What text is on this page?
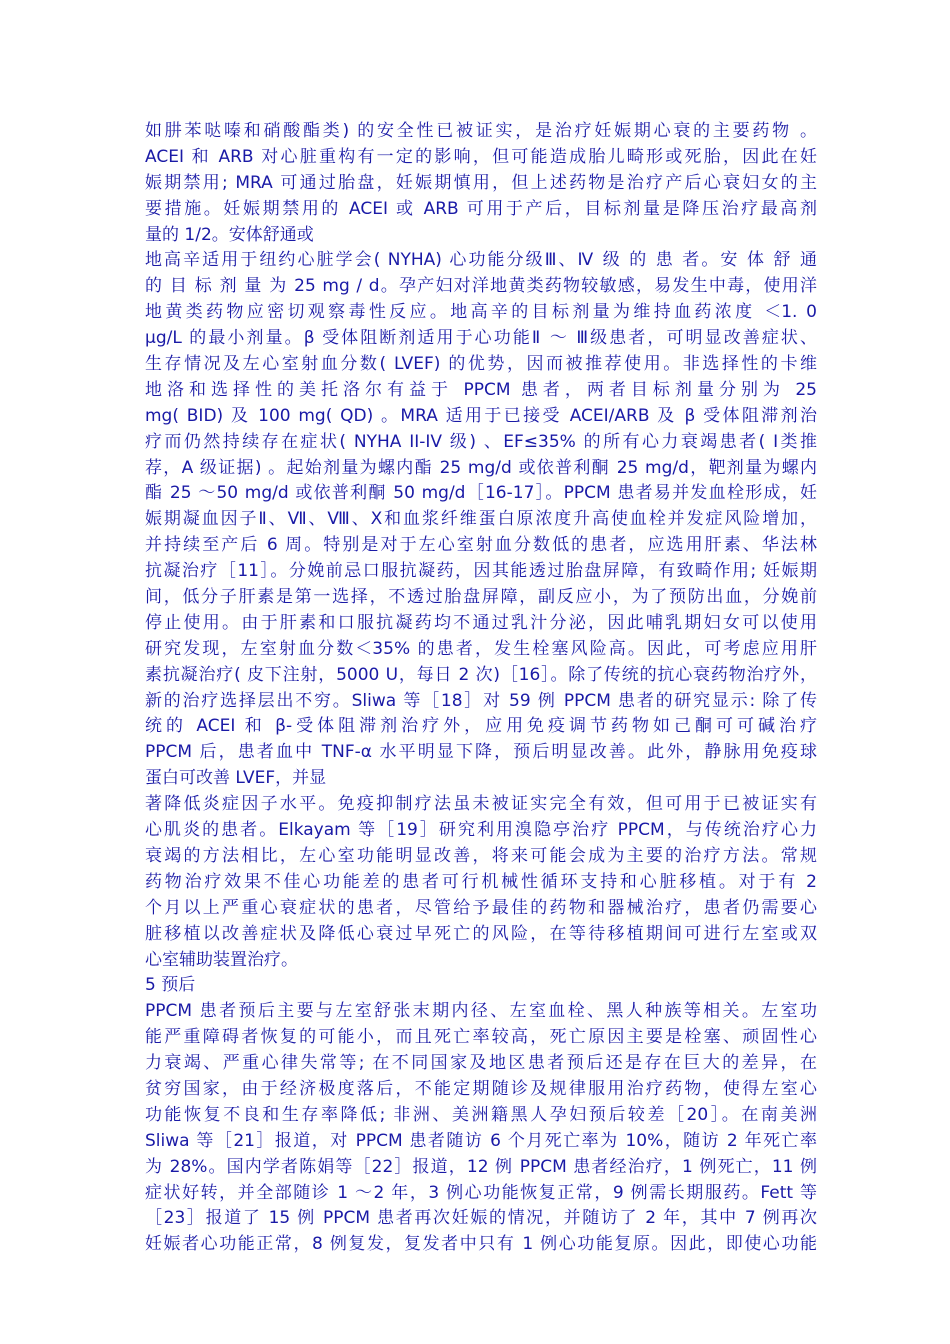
如肼苯哒嗪和硝酸酯类) 的安全性已被证实，是治疗妊娠期心衰的主要药物 。
ACEI 和 ARB 对心脏重构有一定的影响，但可能造成胎儿畸形或死胎，因此在妊
娠期禁用; MRA 可通过胎盘，妊娠期慎用，但上述药物是治疗产后心衰妇女的主
要措施。妊娠期禁用的 ACEI 或 ARB 可用于产后，目标剂量是降压治疗最高剂
量的 1/2。安体舒通或
地高辛适用于纽约心脏学会( NYHA) 心功能分级Ⅲ、Ⅳ 级 的 患 者。安 体 舒 通
的 目 标 剂 量 为 25 mg / d。孕产妇对洋地黄类药物较敏感，易发生中毒，使用洋
地黄类药物应密切观察毒性反应。地高辛的目标剂量为维持血药浓度 ＜1. 0
μg/L 的最小剂量。β 受体阻断剂适用于心功能Ⅱ ～ Ⅲ级患者，可明显改善症状、
生存情况及左心室射血分数( LVEF) 的优势，因而被推荐使用。非选择性的卡维
地洛和选择性的美托洛尔有益于 PPCM 患者，两者目标剂量分别为 25
mg( BID) 及 100 mg( QD) 。MRA 适用于已接受 ACEI/ARB 及 β 受体阻滞剂治
疗而仍然持续存在症状( NYHA II-IV 级) 、EF≤35% 的所有心力衰竭患者( Ⅰ类推
荐，A 级证据) 。起始剂量为螺内酯 25 mg/d 或依普利酮 25 mg/d，靶剂量为螺内
酯 25 ～50 mg/d 或依普利酮 50 mg/d［16-17］。PPCM 患者易并发血栓形成，妊
娠期凝血因子Ⅱ、Ⅶ、Ⅷ、Ⅹ和血浆纤维蛋白原浓度升高使血栓并发症风险增加，
并持续至产后 6 周。特别是对于左心室射血分数低的患者，应选用肝素、华法林
抗凝治疗［11］。分娩前忌口服抗凝药，因其能透过胎盘屏障，有致畸作用; 妊娠期
间，低分子肝素是第一选择，不透过胎盘屏障，副反应小，为了预防出血，分娩前
停止使用。由于肝素和口服抗凝药均不通过乳汁分泌，因此哺乳期妇女可以使用
研究发现，左室射血分数＜35% 的患者，发生栓塞风险高。因此，可考虑应用肝
素抗凝治疗( 皮下注射，5000 U，每日 2 次)［16］。除了传统的抗心衰药物治疗外，
新的治疗选择层出不穷。Sliwa 等［18］对 59 例 PPCM 患者的研究显示: 除了传
统的 ACEI 和 β-受体阻滞剂治疗外，应用免疫调节药物如己酮可可碱治疗
PPCM 后，患者血中 TNF-α 水平明显下降，预后明显改善。此外，静脉用免疫球
蛋白可改善 LVEF，并显
著降低炎症因子水平。免疫抑制疗法虽未被证实完全有效，但可用于已被证实有
心肌炎的患者。Elkayam 等［19］研究利用溴隐亭治疗 PPCM，与传统治疗心力
衰竭的方法相比，左心室功能明显改善，将来可能会成为主要的治疗方法。常规
药物治疗效果不佳心功能差的患者可行机械性循环支持和心脏移植。对于有 2
个月以上严重心衰症状的患者，尽管给予最佳的药物和器械治疗，患者仍需要心
脏移植以改善症状及降低心衰过早死亡的风险，在等待移植期间可进行左室或双
心室辅助装置治疗。
5 预后
PPCM 患者预后主要与左室舒张末期内径、左室血栓、黑人种族等相关。左室功
能严重障碍者恢复的可能小，而且死亡率较高，死亡原因主要是栓塞、顽固性心
力衰竭、严重心律失常等; 在不同国家及地区患者预后还是存在巨大的差异，在
贫穷国家，由于经济极度落后，不能定期随诊及规律服用治疗药物，使得左室心
功能恢复不良和生存率降低; 非洲、美洲籍黑人孕妇预后较差［20］。在南美洲
Sliwa 等［21］报道，对 PPCM 患者随访 6 个月死亡率为 10%，随访 2 年死亡率
为 28%。国内学者陈娟等［22］报道，12 例 PPCM 患者经治疗，1 例死亡，11 例
症状好转，并全部随诊 1 ～2 年，3 例心功能恢复正常，9 例需长期服药。Fett 等
［23］报道了 15 例 PPCM 患者再次妊娠的情况，并随访了 2 年，其中 7 例再次
妊娠者心功能正常，8 例复发，复发者中只有 1 例心功能复原。因此，即使心功能
